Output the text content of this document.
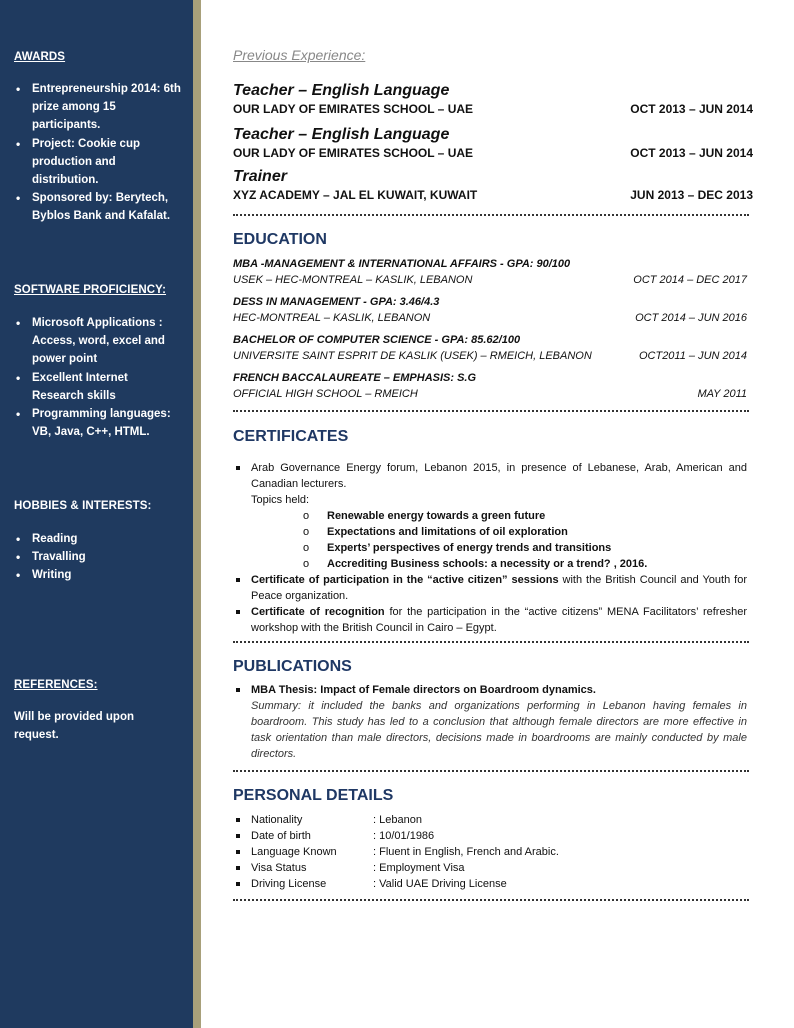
AWARDS
• Entrepreneurship 2014: 6th prize among 15 participants.
• Project: Cookie cup production and distribution.
• Sponsored by: Berytech, Byblos Bank and Kafalat.
SOFTWARE PROFICIENCY:
• Microsoft Applications : Access, word, excel and power point
• Excellent Internet Research skills
• Programming languages: VB, Java, C++, HTML.
HOBBIES & INTERESTS:
• Reading
• Travalling
• Writing
REFERENCES:
Will be provided upon request.
Previous Experience:
Teacher – English Language
OUR LADY OF EMIRATES SCHOOL – UAE	OCT 2013 – JUN 2014
Teacher – English Language
OUR LADY OF EMIRATES SCHOOL – UAE	OCT 2013 – JUN 2014
Trainer
XYZ ACADEMY – JAL EL KUWAIT, KUWAIT	JUN 2013 – DEC 2013
EDUCATION
MBA -MANAGEMENT & INTERNATIONAL AFFAIRS - GPA: 90/100
USEK – HEC-MONTREAL – KASLIK, LEBANON	OCT 2014 – DEC 2017
DESS IN MANAGEMENT - GPA: 3.46/4.3
HEC-MONTREAL – KASLIK, LEBANON	OCT 2014 – JUN 2016
BACHELOR OF COMPUTER SCIENCE - GPA: 85.62/100
UNIVERSITE SAINT ESPRIT DE KASLIK (USEK) – RMEICH, LEBANON	OCT2011 – JUN 2014
FRENCH BACCALAUREATE – EMPHASIS: S.G
OFFICIAL HIGH SCHOOL – RMEICH	MAY 2011
CERTIFICATES
Arab Governance Energy forum, Lebanon 2015, in presence of Lebanese, Arab, American and Canadian lecturers.
Topics held:
o Renewable energy towards a green future
o Expectations and limitations of oil exploration
o Experts’ perspectives of energy trends and transitions
o Accrediting Business schools: a necessity or a trend? , 2016.
Certificate of participation in the “active citizen” sessions with the British Council and Youth for Peace organization.
Certificate of recognition for the participation in the “active citizens” MENA Facilitators’ refresher workshop with the British Council in Cairo – Egypt.
PUBLICATIONS
MBA Thesis: Impact of Female directors on Boardroom dynamics.
Summary: it included the banks and organizations performing in Lebanon having females in boardroom. This study has led to a conclusion that although female directors are more effective in task orientation than male directors, decisions made in boardrooms are mainly conducted by male directors.
PERSONAL DETAILS
Nationality	: Lebanon
Date of birth	: 10/01/1986
Language Known	: Fluent in English, French and Arabic.
Visa Status	: Employment Visa
Driving License	: Valid UAE Driving License
